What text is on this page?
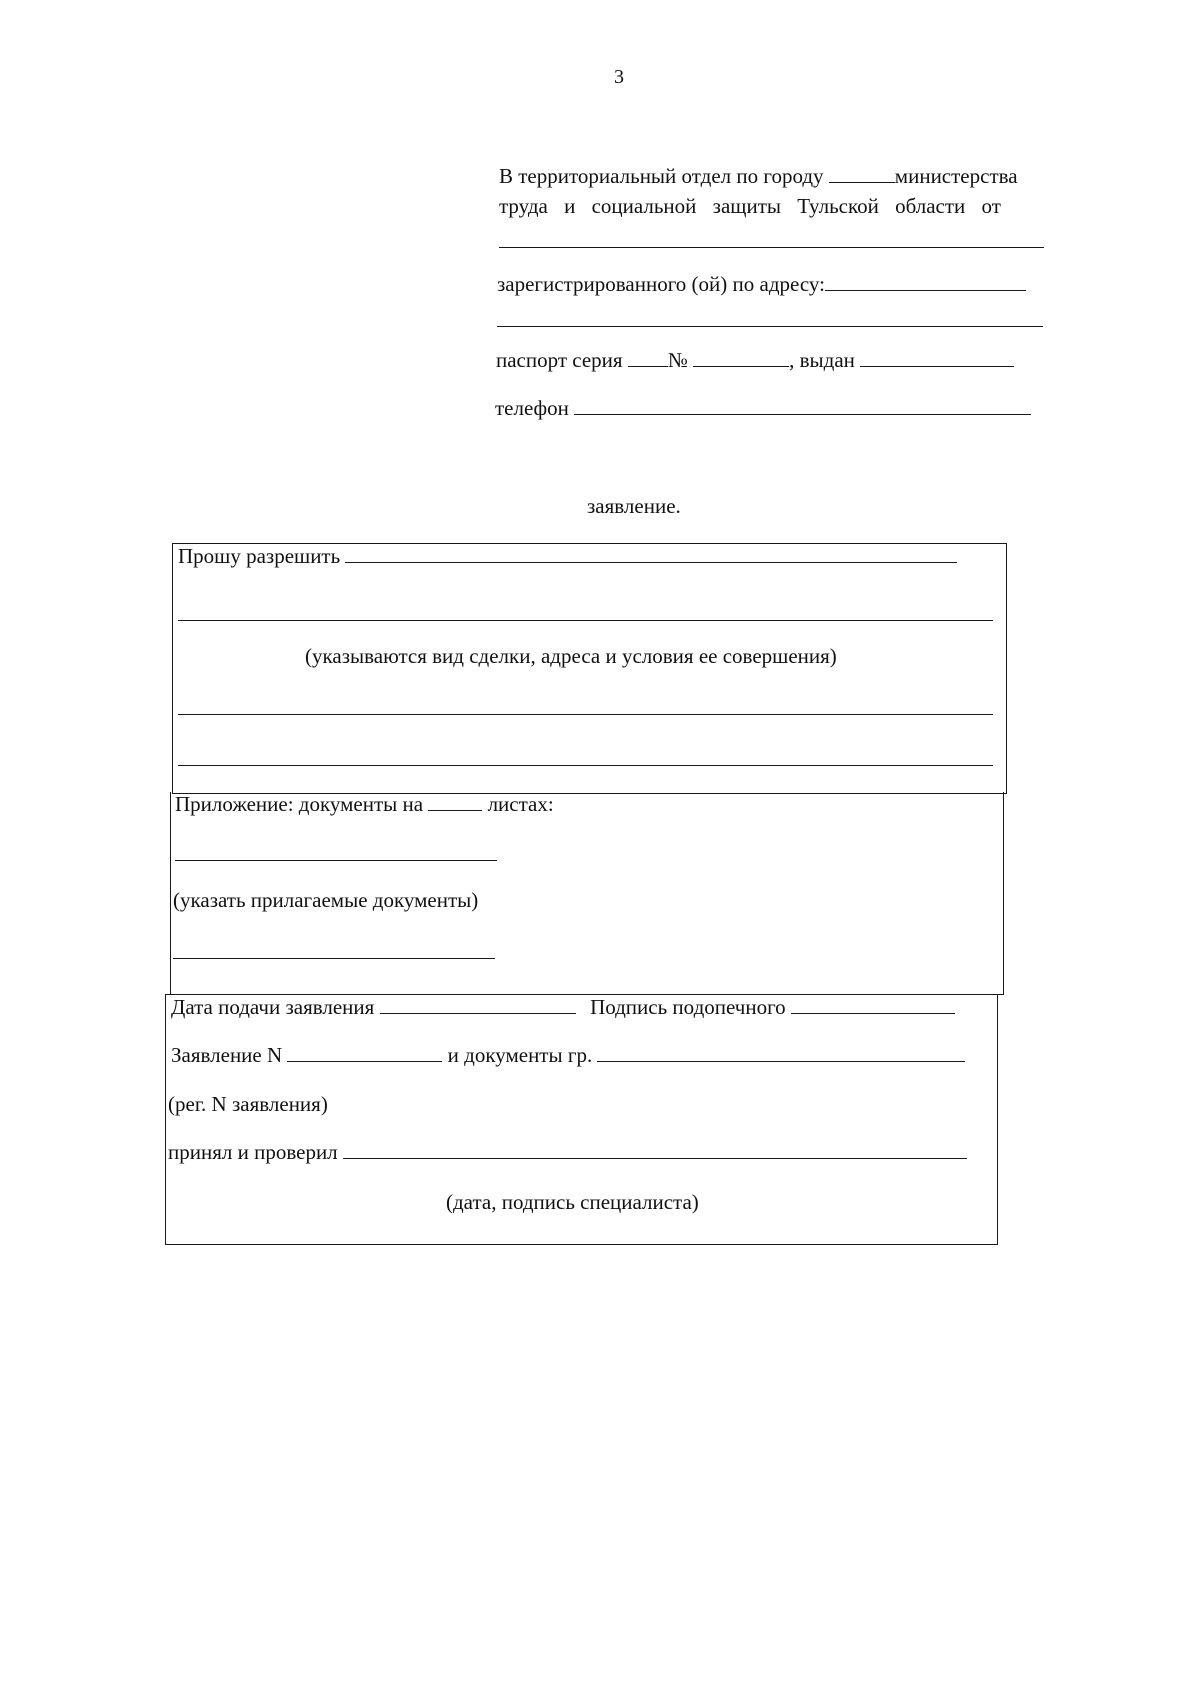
3
В территориальный отдел по городу	министерства
труда и социальной защиты Тульской области от
зарегистрированного (ой) по адресу:
паспорт серия №	, выдан
телефон
заявление.
Прошу разрешить
(указываются вид сделки, адреса и условия ее совершения)
Приложение: документы на	листах:
(указать прилагаемые документы)
Дата подачи заявления	Подпись подопечного
Заявление N	и документы гр.
(рег. N заявления)
принял и проверил
(дата, подпись специалиста)
